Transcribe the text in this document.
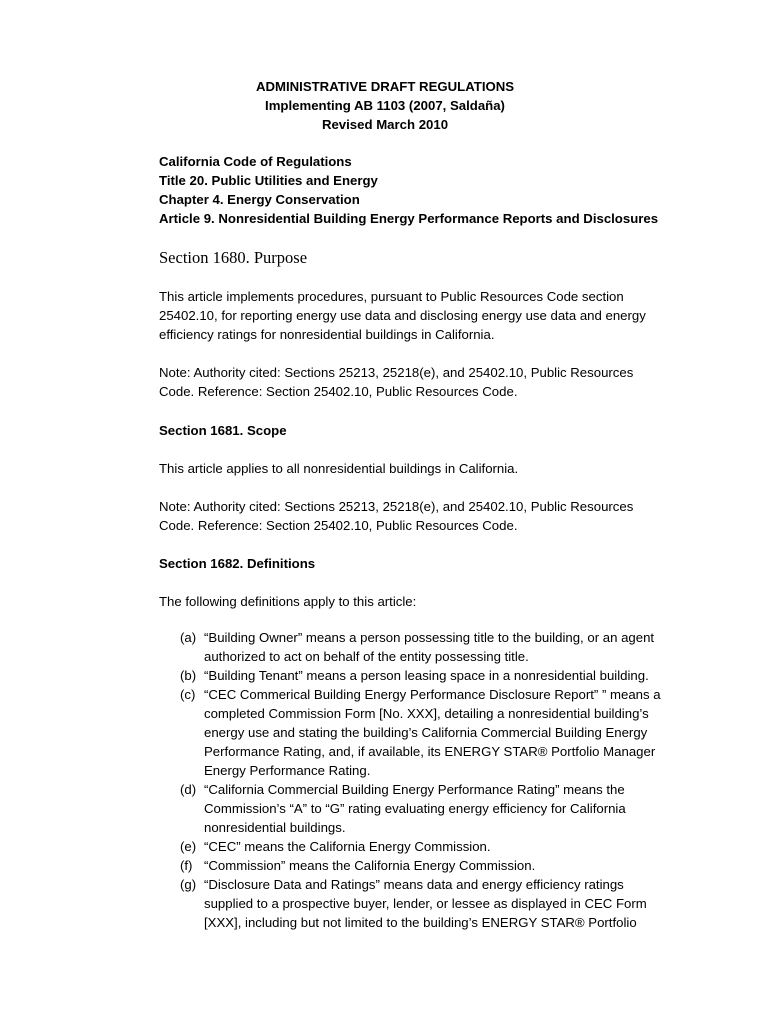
ADMINISTRATIVE DRAFT REGULATIONS
Implementing AB 1103 (2007, Saldaña)
Revised March 2010
California Code of Regulations
Title 20. Public Utilities and Energy
Chapter 4. Energy Conservation
Article 9. Nonresidential Building Energy Performance Reports and Disclosures
Section 1680. Purpose
This article implements procedures, pursuant to Public Resources Code section
25402.10, for reporting energy use data and disclosing energy use data and energy
efficiency ratings for nonresidential buildings in California.
Note: Authority cited: Sections 25213, 25218(e), and 25402.10, Public Resources
Code. Reference: Section 25402.10, Public Resources Code.
Section 1681. Scope
This article applies to all nonresidential buildings in California.
Note: Authority cited: Sections 25213, 25218(e), and 25402.10, Public Resources
Code. Reference: Section 25402.10, Public Resources Code.
Section 1682. Definitions
The following definitions apply to this article:
(a) “Building Owner” means a person possessing title to the building, or an agent
authorized to act on behalf of the entity possessing title.
(b) “Building Tenant” means a person leasing space in a nonresidential building.
(c) “CEC Commerical Building Energy Performance Disclosure Report” ” means a
completed Commission Form [No. XXX], detailing a nonresidential building’s
energy use and stating the building’s California Commercial Building Energy
Performance Rating, and, if available, its ENERGY STAR® Portfolio Manager
Energy Performance Rating.
(d) “California Commercial Building Energy Performance Rating” means the
Commission’s “A” to “G” rating evaluating energy efficiency for California
nonresidential buildings.
(e) “CEC” means the California Energy Commission.
(f) “Commission” means the California Energy Commission.
(g) “Disclosure Data and Ratings” means data and energy efficiency ratings
supplied to a prospective buyer, lender, or lessee as displayed in CEC Form
[XXX], including but not limited to the building’s ENERGY STAR® Portfolio
